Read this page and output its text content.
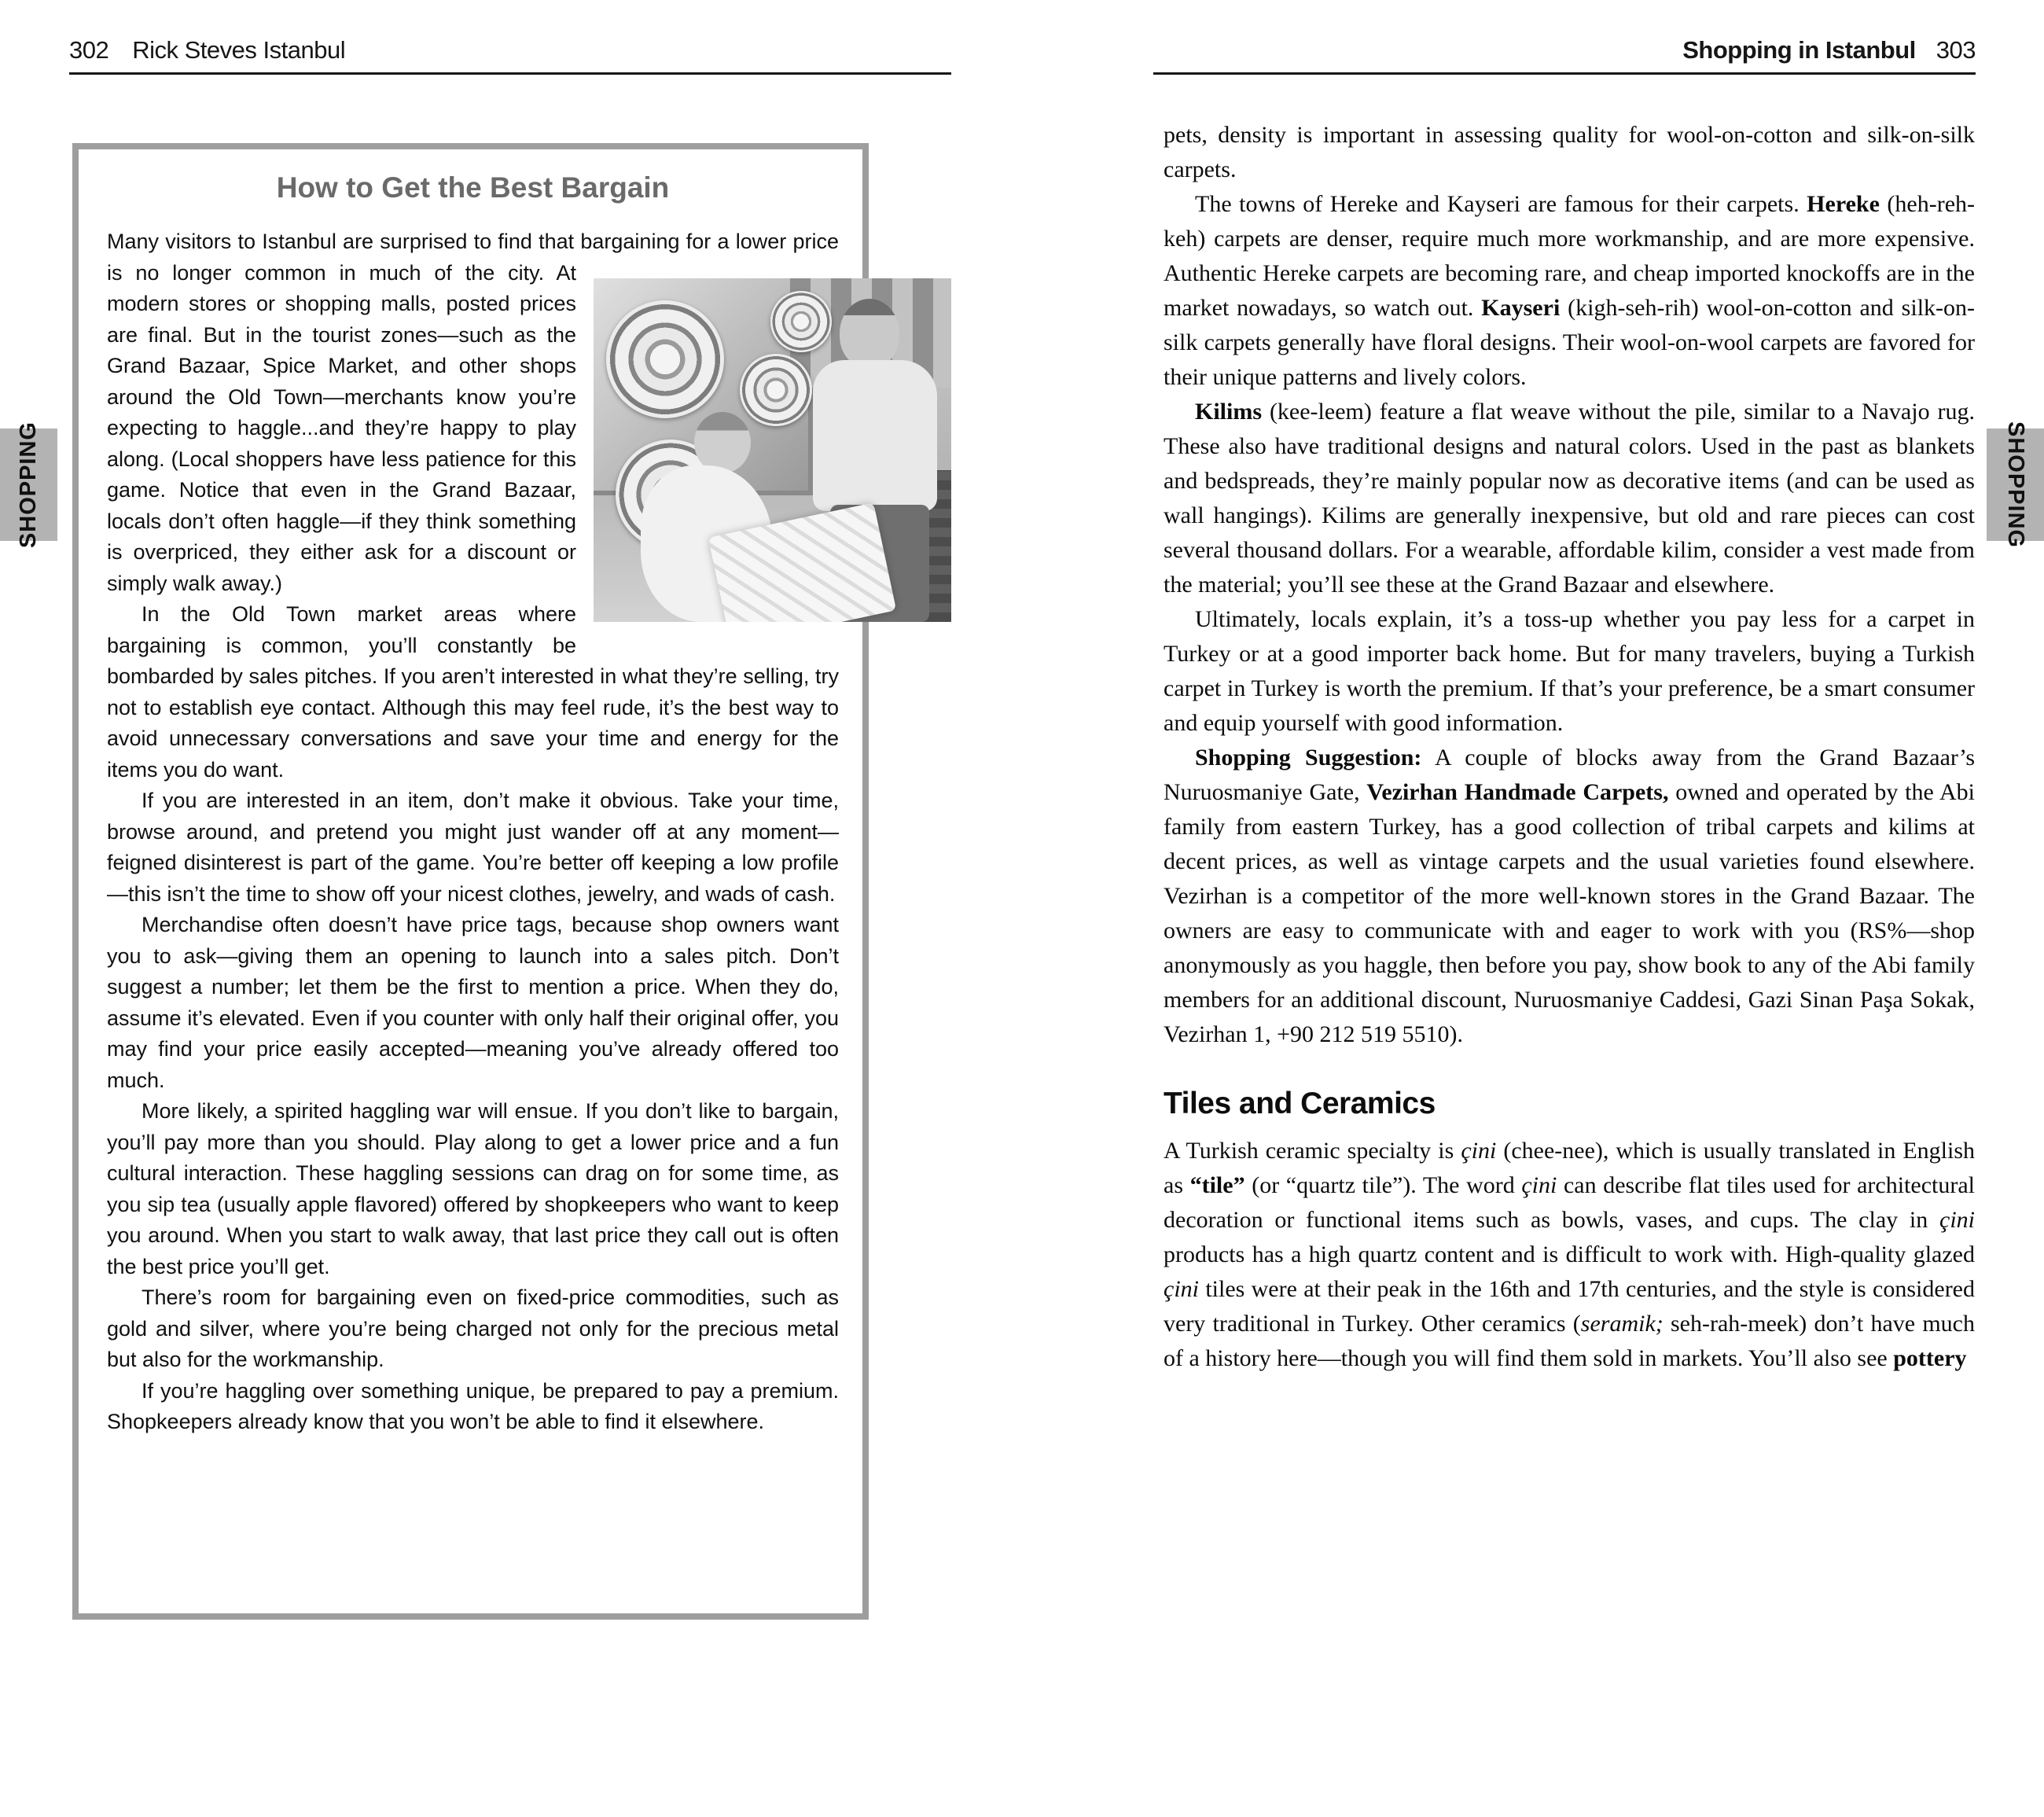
302 Rick Steves Istanbul	Shopping in Istanbul 303
SHOPPING	SHOPPING
How to Get the Best Bargain

Many visitors to Istanbul are surprised to find that bargaining for a lower price is no longer common in much of the city. At
modern stores or shopping malls, posted prices are final. But in the tourist zones—such as the Grand Bazaar, Spice Market, and other shops around the Old Town—merchants know you’re expecting to haggle...and they’re happy to play along. (Local shoppers have less patience for this game. Notice that even in the Grand Bazaar, locals don’t often haggle—if they think something is overpriced, they either ask for a discount or simply walk away.)

In the Old Town market areas where bargaining is common, you’ll constantly be bombarded by sales pitches. If you aren’t interested in what they’re selling, try not to establish eye contact. Although this may feel rude, it’s the best way to avoid unnecessary conversations and save your time and energy for the items you do want.

If you are interested in an item, don’t make it obvious. Take your time, browse around, and pretend you might just wander off at any moment—feigned disinterest is part of the game. You’re better off keeping a low profile—this isn’t the time to show off your nicest clothes, jewelry, and wads of cash.

Merchandise often doesn’t have price tags, because shop owners want you to ask—giving them an opening to launch into a sales pitch. Don’t suggest a number; let them be the first to mention a price. When they do, assume it’s elevated. Even if you counter with only half their original offer, you may find your price easily accepted—meaning you’ve already offered too much.

More likely, a spirited haggling war will ensue. If you don’t like to bargain, you’ll pay more than you should. Play along to get a lower price and a fun cultural interaction. These haggling sessions can drag on for some time, as you sip tea (usually apple flavored) offered by shopkeepers who want to keep you around. When you start to walk away, that last price they call out is often the best price you’ll get.

There’s room for bargaining even on fixed-price commodities, such as gold and silver, where you’re being charged not only for the precious metal but also for the workmanship.

If you’re haggling over something unique, be prepared to pay a premium. Shopkeepers already know that you won’t be able to find it elsewhere.

pets, density is important in assessing quality for wool-on-cotton and silk-on-silk carpets.

The towns of Hereke and Kayseri are famous for their carpets. Hereke (heh-reh-keh) carpets are denser, require much more workmanship, and are more expensive. Authentic Hereke carpets are becoming rare, and cheap imported knockoffs are in the market nowadays, so watch out. Kayseri (kigh-seh-rih) wool-on-cotton and silk-on-silk carpets generally have floral designs. Their wool-on-wool carpets are favored for their unique patterns and lively colors.

Kilims (kee-leem) feature a flat weave without the pile, similar to a Navajo rug. These also have traditional designs and natural colors. Used in the past as blankets and bedspreads, they’re mainly popular now as decorative items (and can be used as wall hangings). Kilims are generally inexpensive, but old and rare pieces can cost several thousand dollars. For a wearable, affordable kilim, consider a vest made from the material; you’ll see these at the Grand Bazaar and elsewhere.

Ultimately, locals explain, it’s a toss-up whether you pay less for a carpet in Turkey or at a good importer back home. But for many travelers, buying a Turkish carpet in Turkey is worth the premium. If that’s your preference, be a smart consumer and equip yourself with good information.

Shopping Suggestion: A couple of blocks away from the Grand Bazaar’s Nuruosmaniye Gate, Vezirhan Handmade Carpets, owned and operated by the Abi family from eastern Turkey, has a good collection of tribal carpets and kilims at decent prices, as well as vintage carpets and the usual varieties found elsewhere. Vezirhan is a competitor of the more well-known stores in the Grand Bazaar. The owners are easy to communicate with and eager to work with you (RS%—shop anonymously as you haggle, then before you pay, show book to any of the Abi family members for an additional discount, Nuruosmaniye Caddesi, Gazi Sinan Paşa Sokak, Vezirhan 1, +90 212 519 5510).

Tiles and Ceramics

A Turkish ceramic specialty is çini (chee-nee), which is usually translated in English as “tile” (or “quartz tile”). The word çini can describe flat tiles used for architectural decoration or functional items such as bowls, vases, and cups. The clay in çini products has a high quartz content and is difficult to work with. High-quality glazed çini tiles were at their peak in the 16th and 17th centuries, and the style is considered very traditional in Turkey. Other ceramics (seramik; seh-rah-meek) don’t have much of a history here—though you will find them sold in markets. You’ll also see pottery
